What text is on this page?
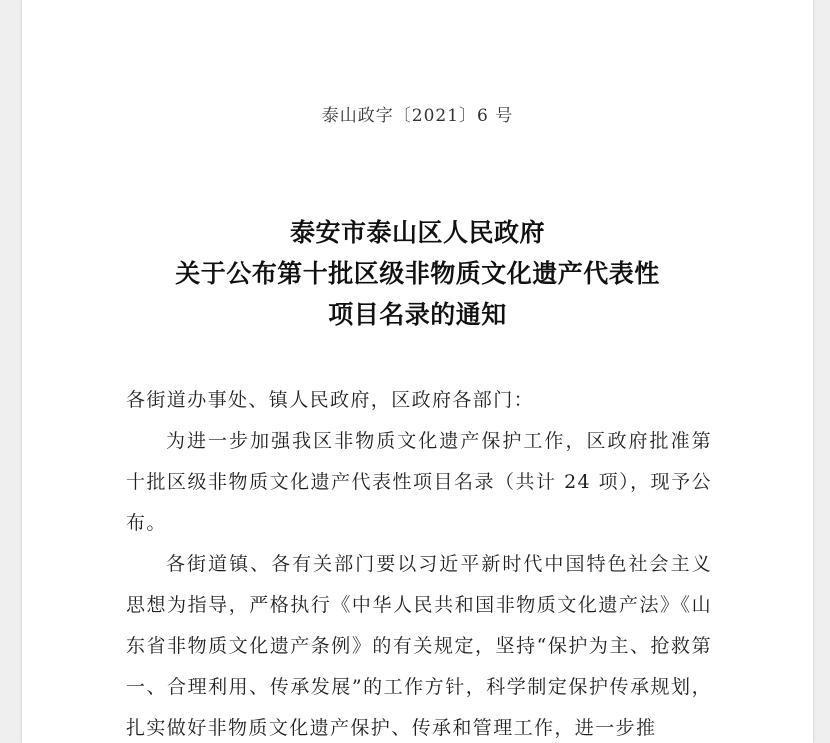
泰山政字〔2021〕6 号
泰安市泰山区人民政府
关于公布第十批区级非物质文化遗产代表性
项目名录的通知

各街道办事处、镇人民政府，区政府各部门：

为进一步加强我区非物质文化遗产保护工作，区政府批准第十批区级非物质文化遗产代表性项目名录（共计 24 项），现予公布。

各街道镇、各有关部门要以习近平新时代中国特色社会主义思想为指导，严格执行《中华人民共和国非物质文化遗产法》《山东省非物质文化遗产条例》的有关规定，坚持“保护为主、抢救第一、合理利用、传承发展”的工作方针，科学制定保护传承规划，扎实做好非物质文化遗产保护、传承和管理工作，进一步推
